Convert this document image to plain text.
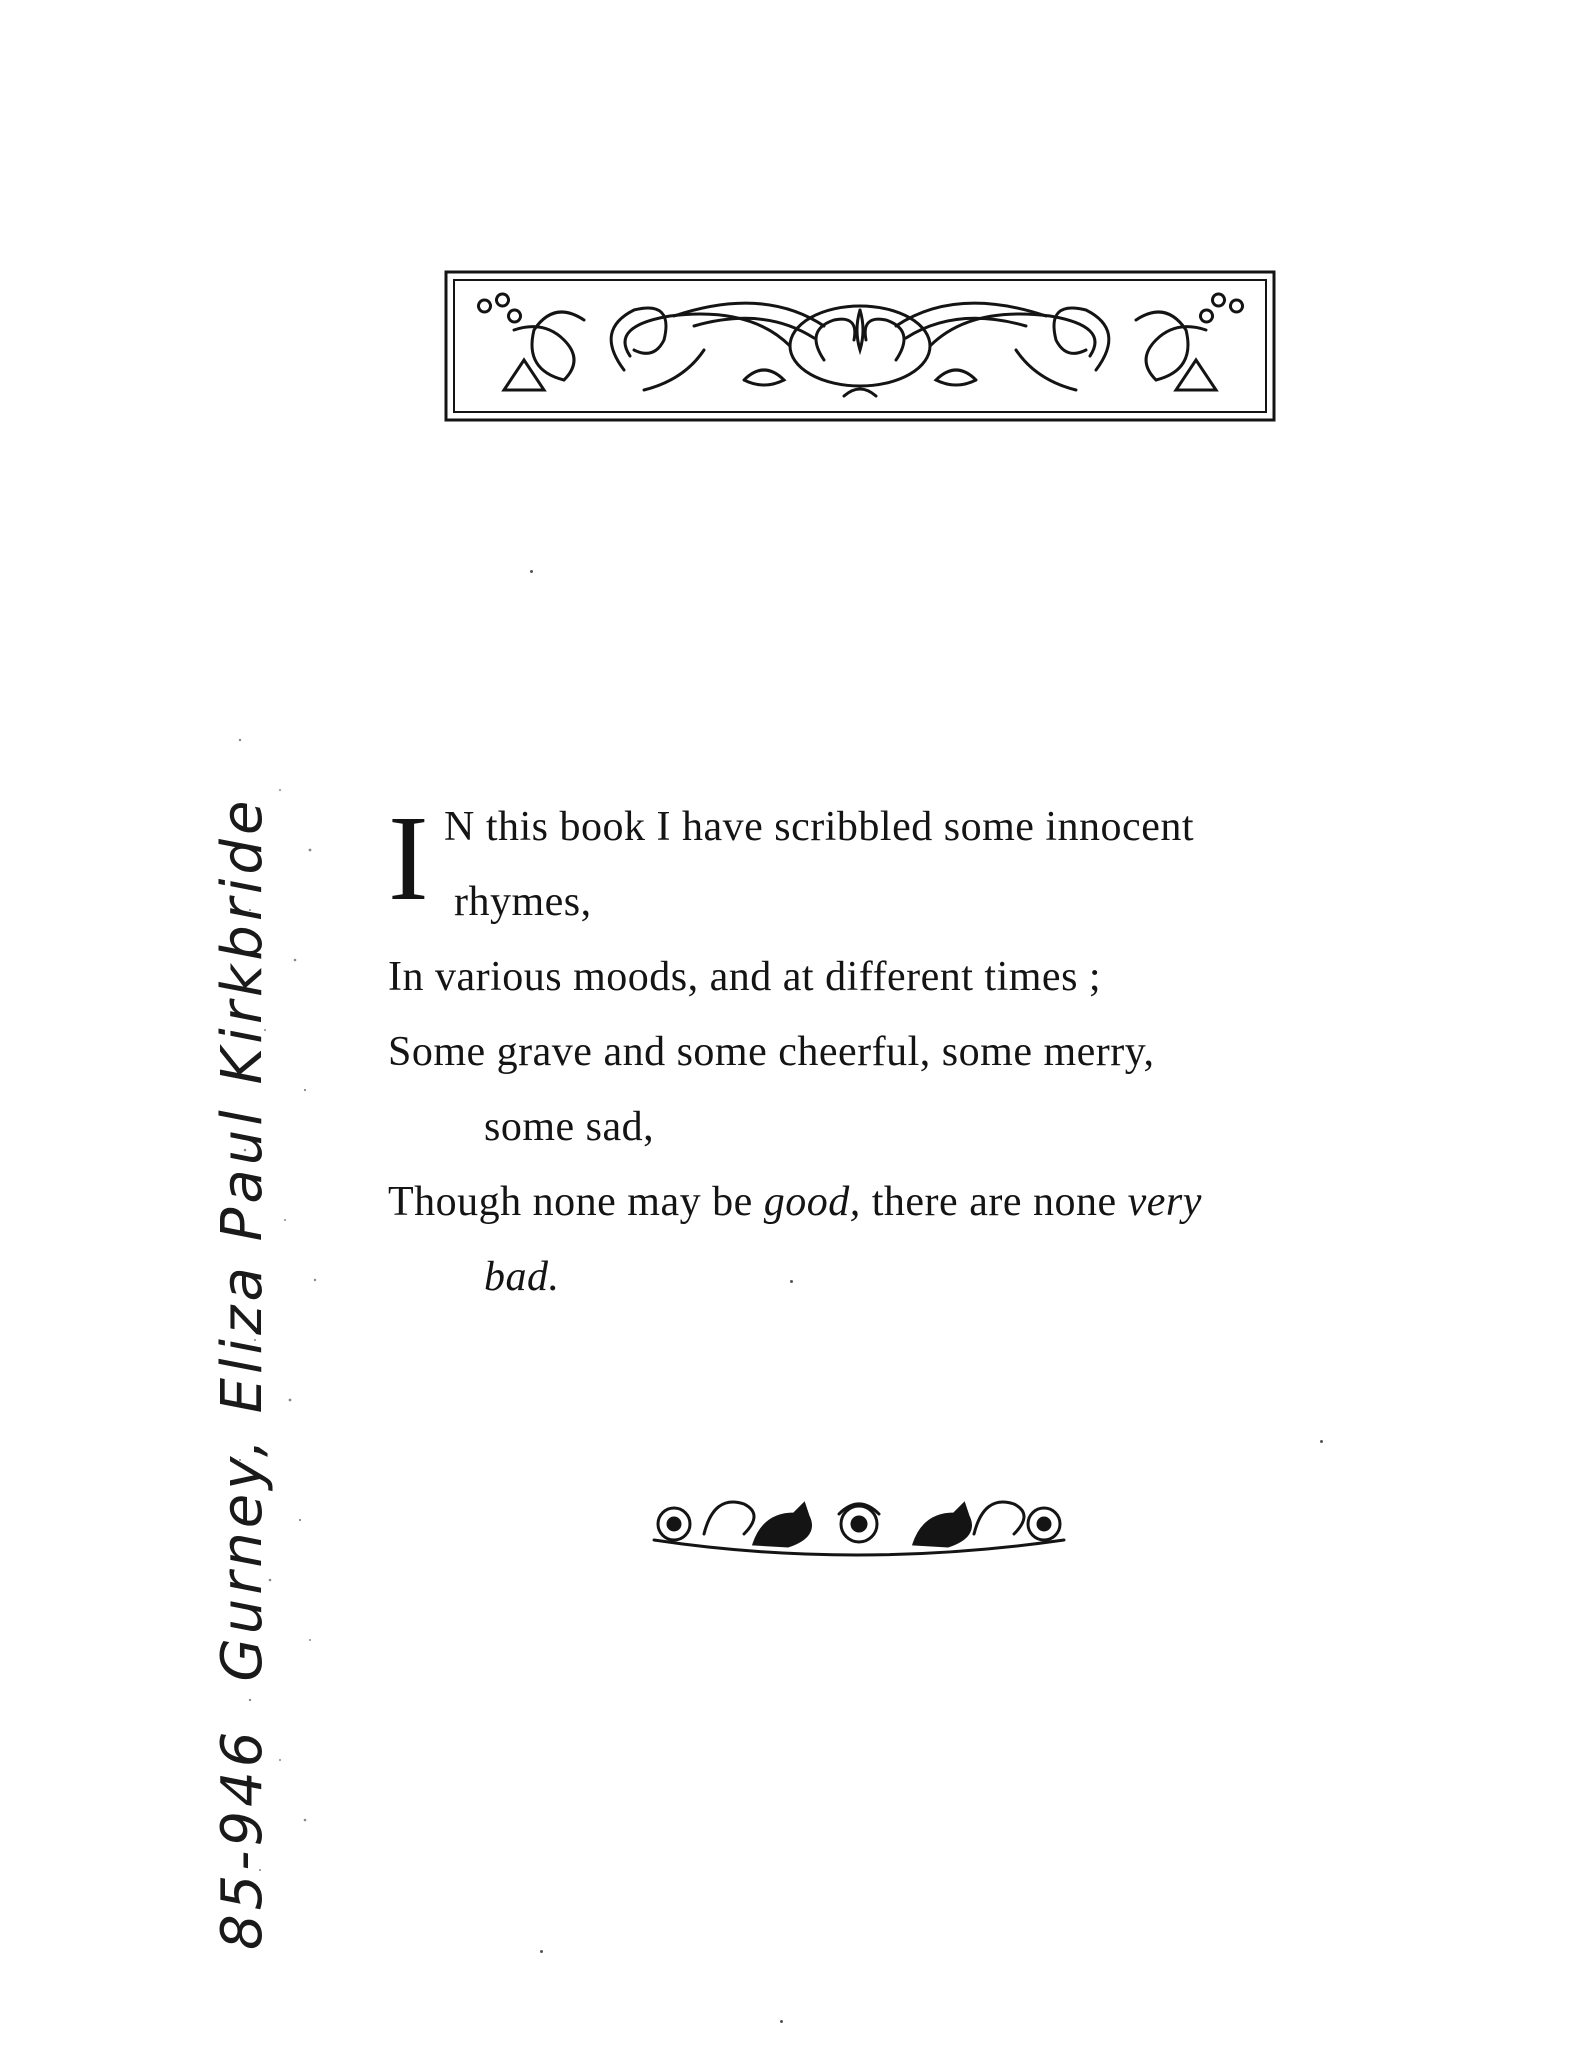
I N this book I have scribbled some innocent
rhymes,
In various moods, and at different times ;
Some grave and some cheerful, some merry,
some sad,
Though none may be good, there are none very
bad.
85-946Gurney, Eliza Paul Kirkbride
